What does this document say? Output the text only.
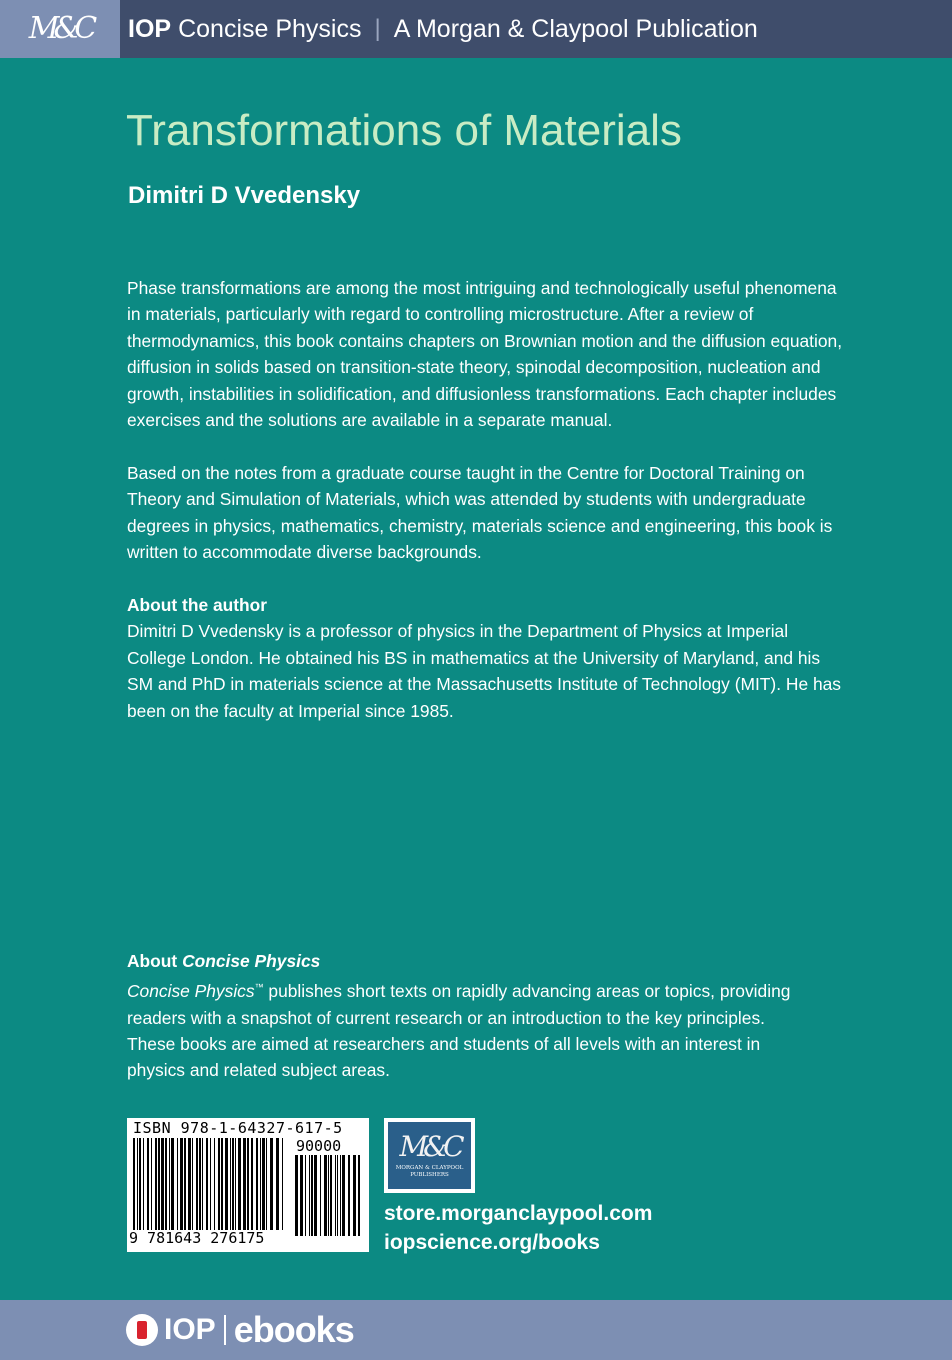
M&C IOP Concise Physics | A Morgan & Claypool Publication
Transformations of Materials
Dimitri D Vvedensky

Phase transformations are among the most intriguing and technologically useful phenomena in materials, particularly with regard to controlling microstructure. After a review of thermodynamics, this book contains chapters on Brownian motion and the diffusion equation, diffusion in solids based on transition-state theory, spinodal decomposition, nucleation and growth, instabilities in solidification, and diffusionless transformations. Each chapter includes exercises and the solutions are available in a separate manual.

Based on the notes from a graduate course taught in the Centre for Doctoral Training on Theory and Simulation of Materials, which was attended by students with undergraduate degrees in physics, mathematics, chemistry, materials science and engineering, this book is written to accommodate diverse backgrounds.

About the author
Dimitri D Vvedensky is a professor of physics in the Department of Physics at Imperial College London. He obtained his BS in mathematics at the University of Maryland, and his SM and PhD in materials science at the Massachusetts Institute of Technology (MIT). He has been on the faculty at Imperial since 1985.
About Concise Physics
Concise Physics™ publishes short texts on rapidly advancing areas or topics, providing readers with a snapshot of current research or an introduction to the key principles. These books are aimed at researchers and students of all levels with an interest in physics and related subject areas.
ISBN 978-1-64327-617-5
90000
9 781643 276175
M&C
MORGAN & CLAYPOOL
PUBLISHERS
store.morganclaypool.com
iopscience.org/books
IOP ebooks
